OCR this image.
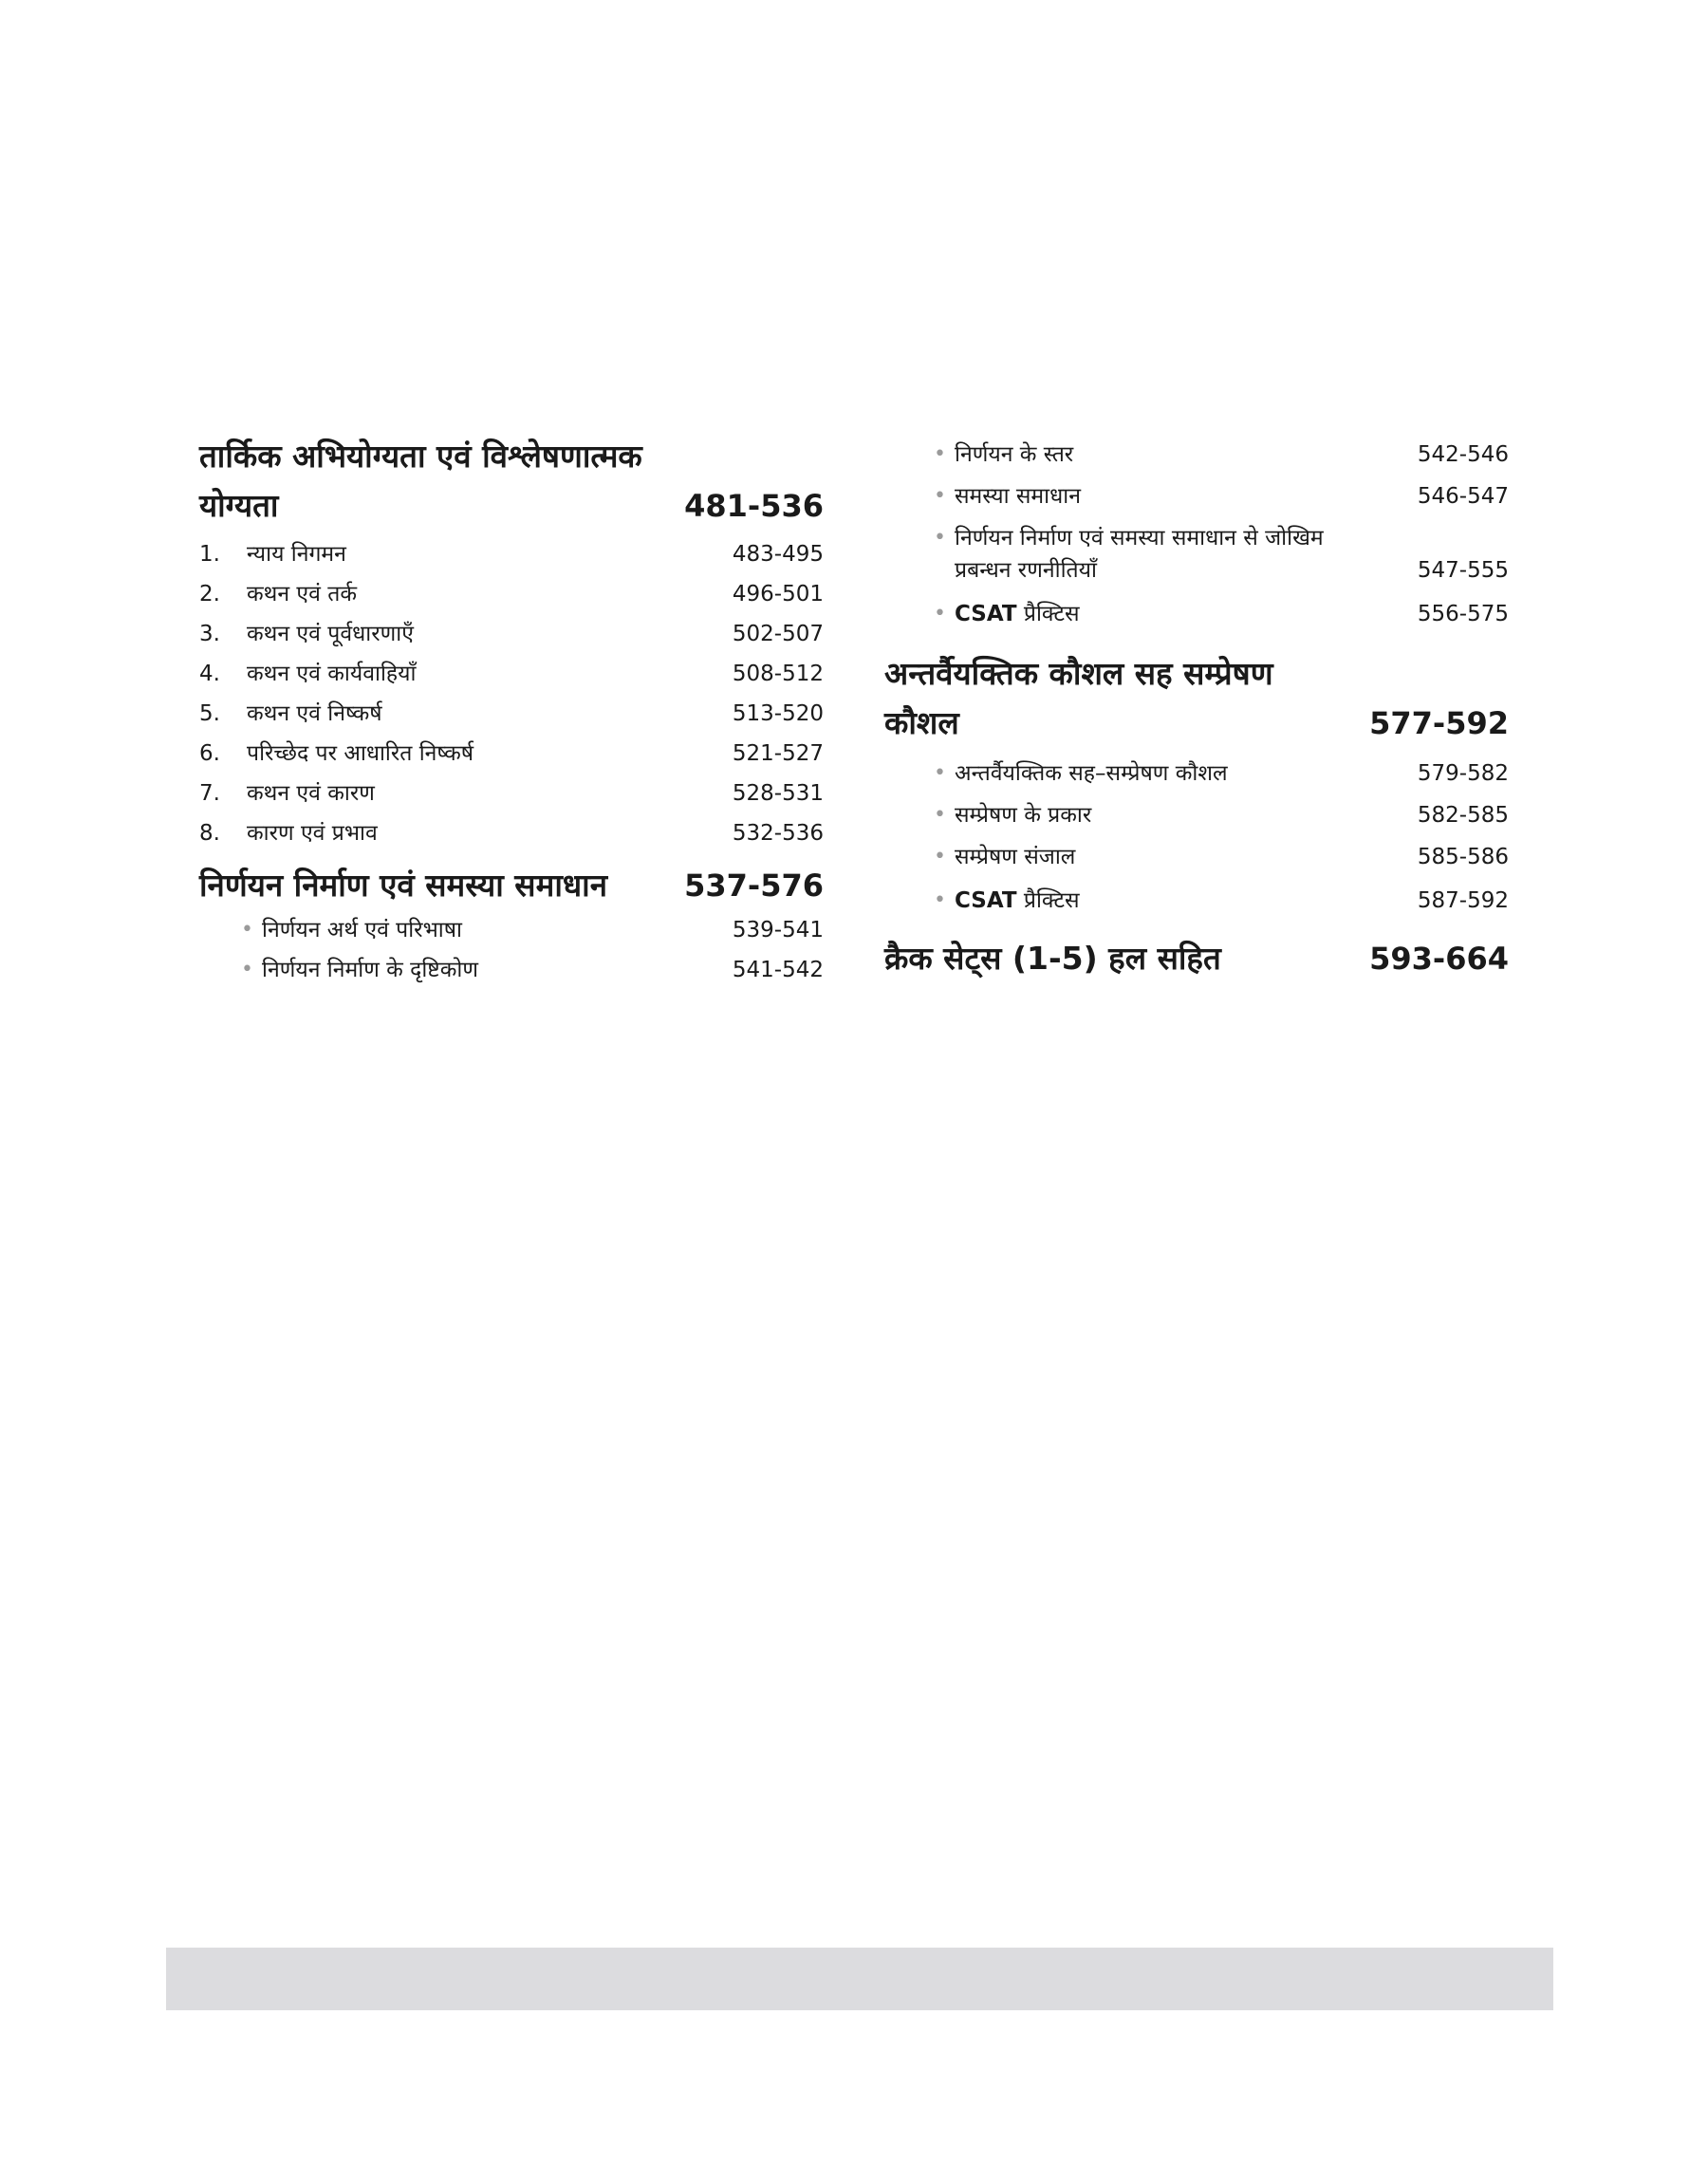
तार्किक अभियोग्यता एवं विश्लेषणात्मक
योग्यता	481-536
1.	न्याय निगमन	483-495
2.	कथन एवं तर्क	496-501
3.	कथन एवं पूर्वधारणाएँ	502-507
4.	कथन एवं कार्यवाहियाँ	508-512
5.	कथन एवं निष्कर्ष	513-520
6.	परिच्छेद पर आधारित निष्कर्ष	521-527
7.	कथन एवं कारण	528-531
8.	कारण एवं प्रभाव	532-536
निर्णयन निर्माण एवं समस्या समाधान	537-576
• निर्णयन अर्थ एवं परिभाषा	539-541
• निर्णयन निर्माण के दृष्टिकोण	541-542
• निर्णयन के स्तर	542-546
• समस्या समाधान	546-547
• निर्णयन निर्माण एवं समस्या समाधान से जोखिम
प्रबन्धन रणनीतियाँ	547-555
• CSAT प्रैक्टिस	556-575
अन्तर्वैयक्तिक कौशल सह सम्प्रेषण
कौशल	577-592
• अन्तर्वैयक्तिक सह–सम्प्रेषण कौशल	579-582
• सम्प्रेषण के प्रकार	582-585
• सम्प्रेषण संजाल	585-586
• CSAT प्रैक्टिस	587-592
क्रैक सेट्स (1-5) हल सहित	593-664
